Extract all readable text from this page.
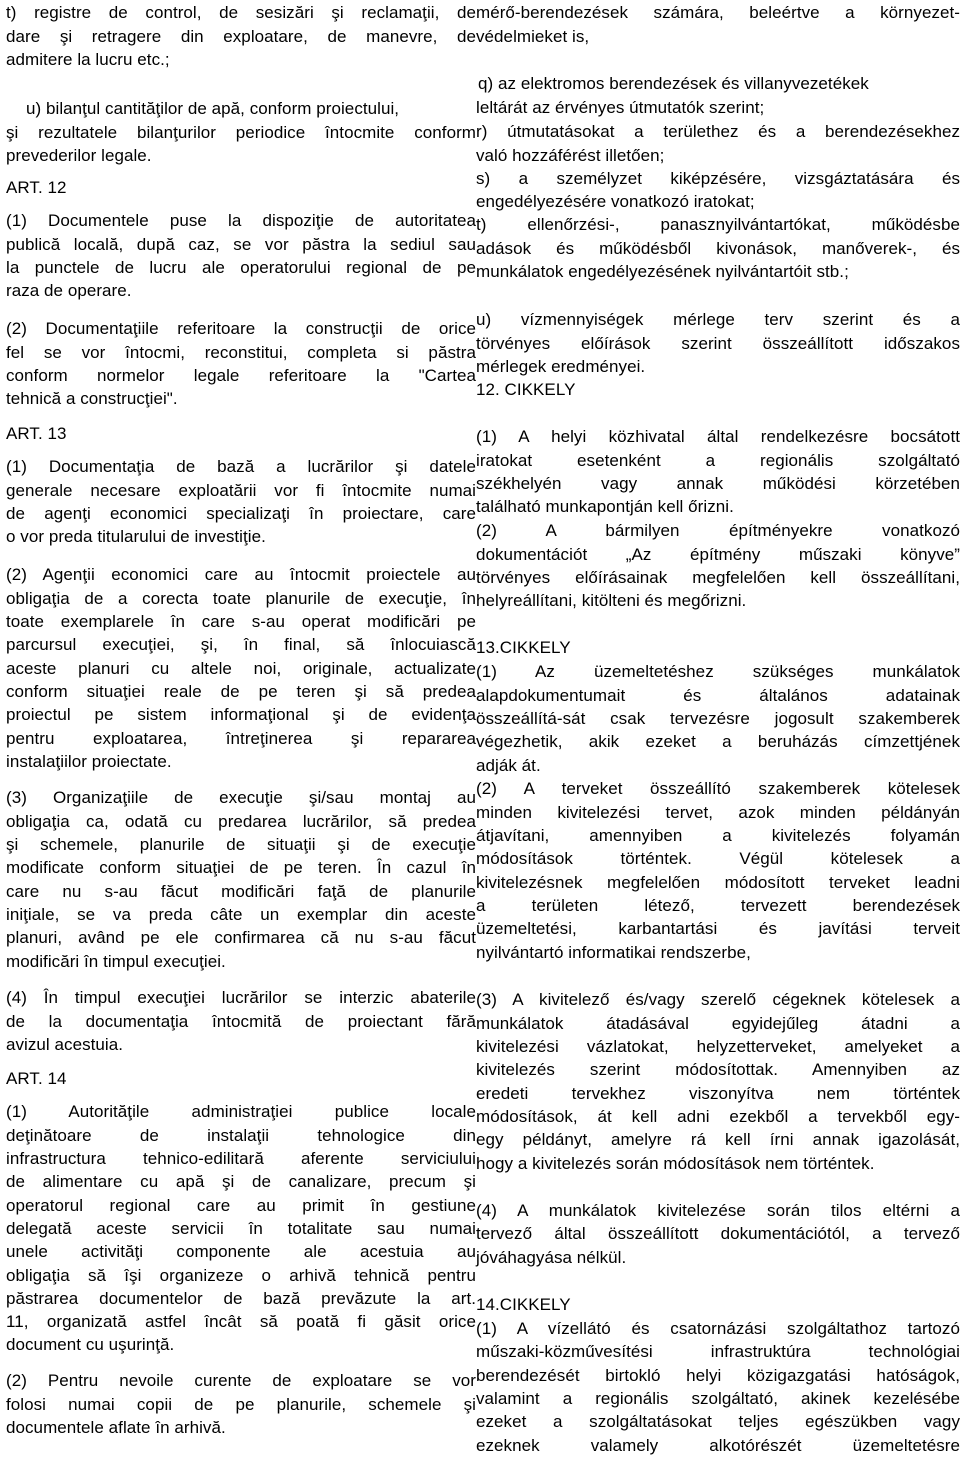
t) registre de control, de sesizări şi reclamaţii, de
dare şi retragere din exploatare, de manevre, de
admitere la lucru etc.;
u) bilanţul cantităţilor de apă, conform proiectului,
şi rezultatele bilanţurilor periodice întocmite conform
prevederilor legale.
ART. 12
(1) Documentele puse la dispoziţie de autoritatea
publică locală, după caz, se vor păstra la sediul sau
la punctele de lucru ale operatorului regional de pe
raza de operare.
(2) Documentaţiile referitoare la construcţii de orice
fel se vor întocmi, reconstitui, completa si păstra
conform normelor legale referitoare la "Cartea
tehnică a construcţiei".
ART. 13
(1) Documentaţia de bază a lucrărilor şi datele
generale necesare exploatării vor fi întocmite numai
de agenţi economici specializaţi în proiectare, care
o vor preda titularului de investiţie.
(2) Agenţii economici care au întocmit proiectele au
obligaţia de a corecta toate planurile de execuţie, în
toate exemplarele în care s-au operat modificări pe
parcursul execuţiei, şi, în final, să înlocuiască
aceste planuri cu altele noi, originale, actualizate
conform situaţiei reale de pe teren şi să predea
proiectul pe sistem informaţional şi de evidenţa
pentru exploatarea, întreţinerea şi repararea
instalaţiilor proiectate.
(3) Organizaţiile de execuţie şi/sau montaj au
obligaţia ca, odată cu predarea lucrărilor, să predea
şi schemele, planurile de situaţii şi de execuţie
modificate conform situaţiei de pe teren. În cazul în
care nu s-au făcut modificări faţă de planurile
iniţiale, se va preda câte un exemplar din aceste
planuri, având pe ele confirmarea că nu s-au făcut
modificări în timpul execuţiei.
(4) În timpul execuţiei lucrărilor se interzic abaterile
de la documentaţia întocmită de proiectant fără
avizul acestuia.
ART. 14
(1) Autorităţile administraţiei publice locale
deţinătoare de instalaţii tehnologice din
infrastructura tehnico-edilitară aferente serviciului
de alimentare cu apă şi de canalizare, precum şi
operatorul regional care au primit în gestiune
delegată aceste servicii în totalitate sau numai
unele activităţi componente ale acestuia au
obligaţia să îşi organizeze o arhivă tehnică pentru
păstrarea documentelor de bază prevăzute la art.
11, organizată astfel încât să poată fi găsit orice
document cu uşurinţă.
(2) Pentru nevoile curente de exploatare se vor
folosi numai copii de pe planurile, schemele şi
documentele aflate în arhivă.
mérő-berendezések számára, beleértve a környezet-
védelmieket is,
q) az elektromos berendezések és villanyvezetékek
leltárát az érvényes útmutatók szerint;
r) útmutatásokat a területhez és a berendezésekhez
való hozzáférést illetően;
s) a személyzet kiképzésére, vizsgáztatására és
engedélyezésére vonatkozó iratokat;
t) ellenőrzési-, panasznyilvántartókat, működésbe
adások és működésből kivonások, manőverek-, és
munkálatok engedélyezésének nyilvántartóit stb.;
u) vízmennyiségek mérlege terv szerint és a
törvényes előírások szerint összeállított időszakos
mérlegek eredményei.
12. CIKKELY
(1) A helyi közhivatal által rendelkezésre bocsátott
iratokat esetenként a regionális szolgáltató
székhelyén vagy annak működési körzetében
található munkapontján kell őrizni.
(2) A bármilyen építményekre vonatkozó
dokumentációt „Az építmény műszaki könyve”
törvényes előírásainak megfelelően kell összeállítani,
helyreállítani, kitölteni és megőrizni.
13.CIKKELY
(1) Az üzemeltetéshez szükséges munkálatok
alapdokumentumait és általános adatainak
összeállítá-sát csak tervezésre jogosult szakemberek
végezhetik, akik ezeket a beruházás címzettjének
adják át.
(2) A terveket összeállító szakemberek kötelesek
minden kivitelezési tervet, azok minden példányán
átjavítani, amennyiben a kivitelezés folyamán
módosítások történtek. Végül kötelesek a
kivitelezésnek megfelelően módosított terveket leadni
a területen létező, tervezett berendezések
üzemeltetési, karbantartási és javítási terveit
nyilvántartó informatikai rendszerbe,
(3) A kivitelező és/vagy szerelő cégeknek kötelesek a
munkálatok átadásával egyidejűleg átadni a
kivitelezési vázlatokat, helyzetterveket, amelyeket a
kivitelezés szerint módosítottak. Amennyiben az
eredeti tervekhez viszonyítva nem történtek
módosítások, át kell adni ezekből a tervekből egy-
egy példányt, amelyre rá kell írni annak igazolását,
hogy a kivitelezés során módosítások nem történtek.
(4) A munkálatok kivitelezése során tilos eltérni a
tervező által összeállított dokumentációtól, a tervező
jóváhagyása nélkül.
14.CIKKELY
(1) A vízellátó és csatornázási szolgáltathoz tartozó
műszaki-közművesítési infrastruktúra technológiai
berendezését birtokló helyi közigazgatási hatóságok,
valamint a regionális szolgáltató, akinek kezelésébe
ezeket a szolgáltatásokat teljes egészükben vagy
ezeknek valamely alkotórészét üzemeltetésre
